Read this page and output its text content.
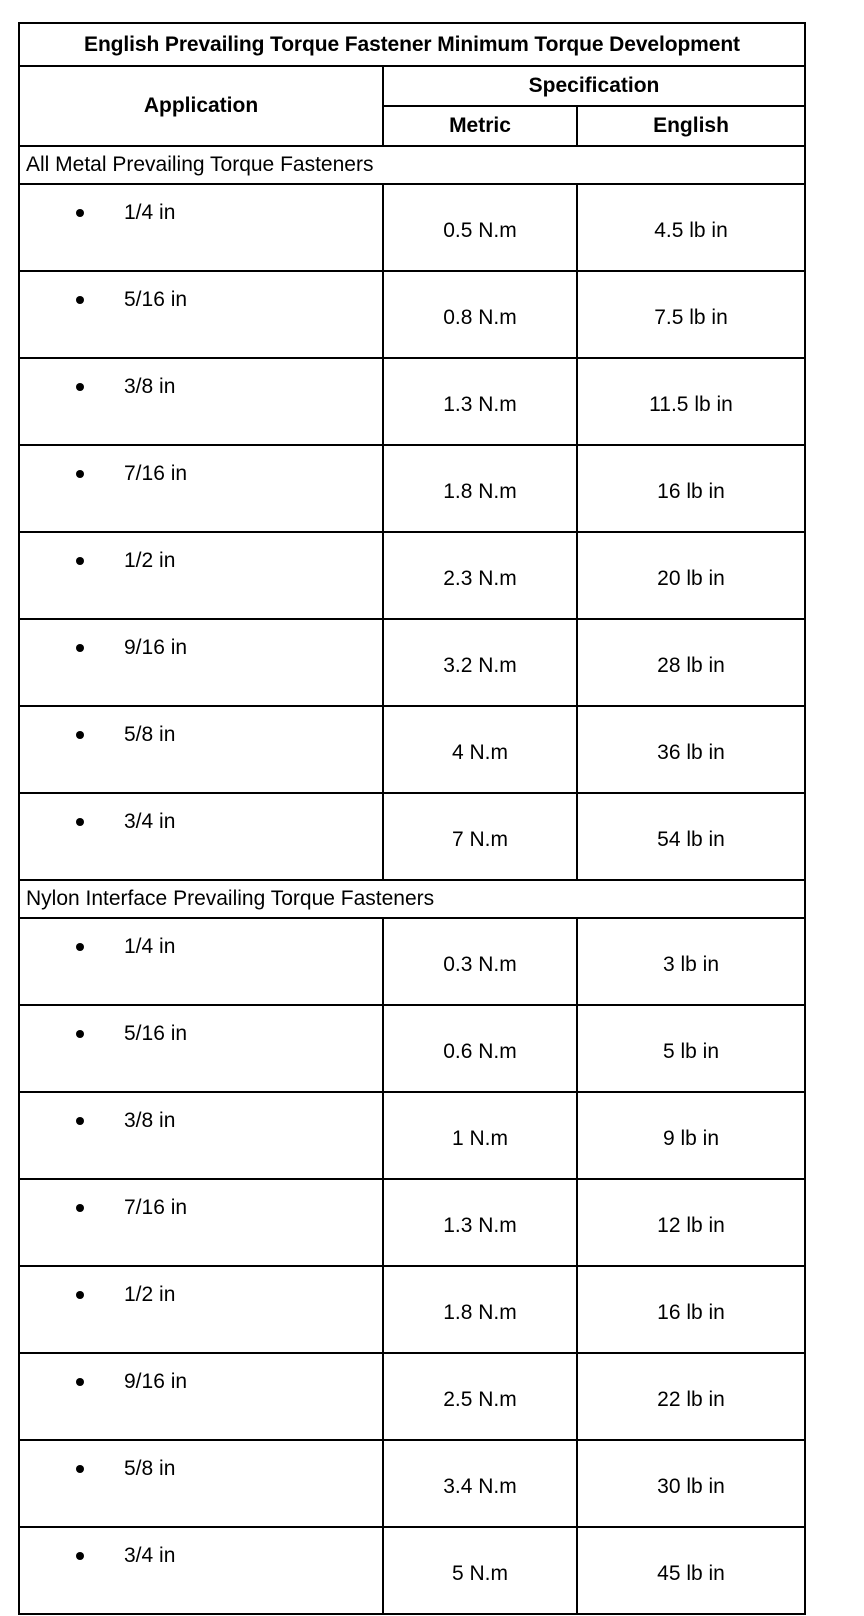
English Prevailing Torque Fastener Minimum Torque Development		
Application	Specification	
	Metric	English
All Metal Prevailing Torque Fasteners		

1/4 in	0.5 N.m	4.5 lb in

5/16 in	0.8 N.m	7.5 lb in

3/8 in	1.3 N.m	11.5 lb in

7/16 in	1.8 N.m	16 lb in

1/2 in	2.3 N.m	20 lb in

9/16 in	3.2 N.m	28 lb in

5/8 in	4 N.m	36 lb in

3/4 in	7 N.m	54 lb in
Nylon Interface Prevailing Torque Fasteners		

1/4 in	0.3 N.m	3 lb in

5/16 in	0.6 N.m	5 lb in

3/8 in	1 N.m	9 lb in

7/16 in	1.3 N.m	12 lb in

1/2 in	1.8 N.m	16 lb in

9/16 in	2.5 N.m	22 lb in

5/8 in	3.4 N.m	30 lb in

3/4 in	5 N.m	45 lb in
